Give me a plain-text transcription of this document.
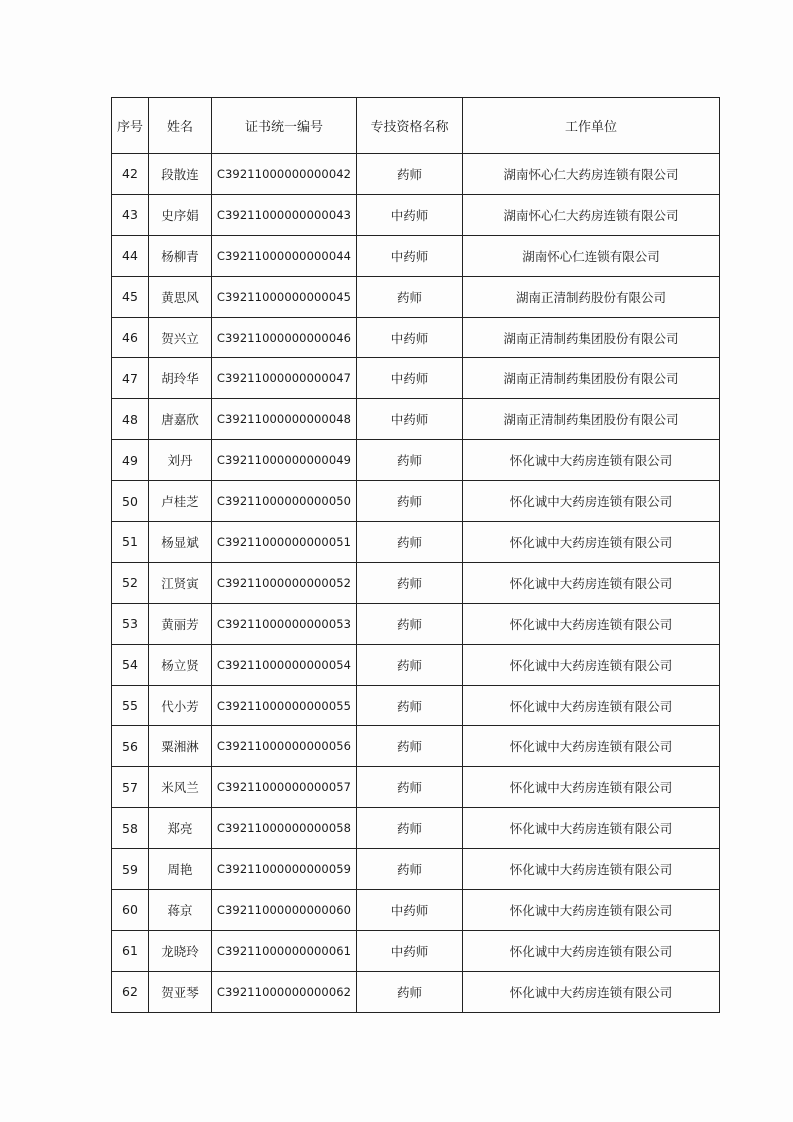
序号	姓名	证书统一编号	专技资格名称	工作单位
42	段散连	C39211000000000042	药师	湖南怀心仁大药房连锁有限公司
43	史序娟	C39211000000000043	中药师	湖南怀心仁大药房连锁有限公司
44	杨柳青	C39211000000000044	中药师	湖南怀心仁连锁有限公司
45	黄思风	C39211000000000045	药师	湖南正清制药股份有限公司
46	贺兴立	C39211000000000046	中药师	湖南正清制药集团股份有限公司
47	胡玲华	C39211000000000047	中药师	湖南正清制药集团股份有限公司
48	唐嘉欣	C39211000000000048	中药师	湖南正清制药集团股份有限公司
49	刘丹	C39211000000000049	药师	怀化诚中大药房连锁有限公司
50	卢桂芝	C39211000000000050	药师	怀化诚中大药房连锁有限公司
51	杨显斌	C39211000000000051	药师	怀化诚中大药房连锁有限公司
52	江贤寅	C39211000000000052	药师	怀化诚中大药房连锁有限公司
53	黄丽芳	C39211000000000053	药师	怀化诚中大药房连锁有限公司
54	杨立贤	C39211000000000054	药师	怀化诚中大药房连锁有限公司
55	代小芳	C39211000000000055	药师	怀化诚中大药房连锁有限公司
56	粟湘淋	C39211000000000056	药师	怀化诚中大药房连锁有限公司
57	米风兰	C39211000000000057	药师	怀化诚中大药房连锁有限公司
58	郑亮	C39211000000000058	药师	怀化诚中大药房连锁有限公司
59	周艳	C39211000000000059	药师	怀化诚中大药房连锁有限公司
60	蒋京	C39211000000000060	中药师	怀化诚中大药房连锁有限公司
61	龙晓玲	C39211000000000061	中药师	怀化诚中大药房连锁有限公司
62	贺亚琴	C39211000000000062	药师	怀化诚中大药房连锁有限公司
